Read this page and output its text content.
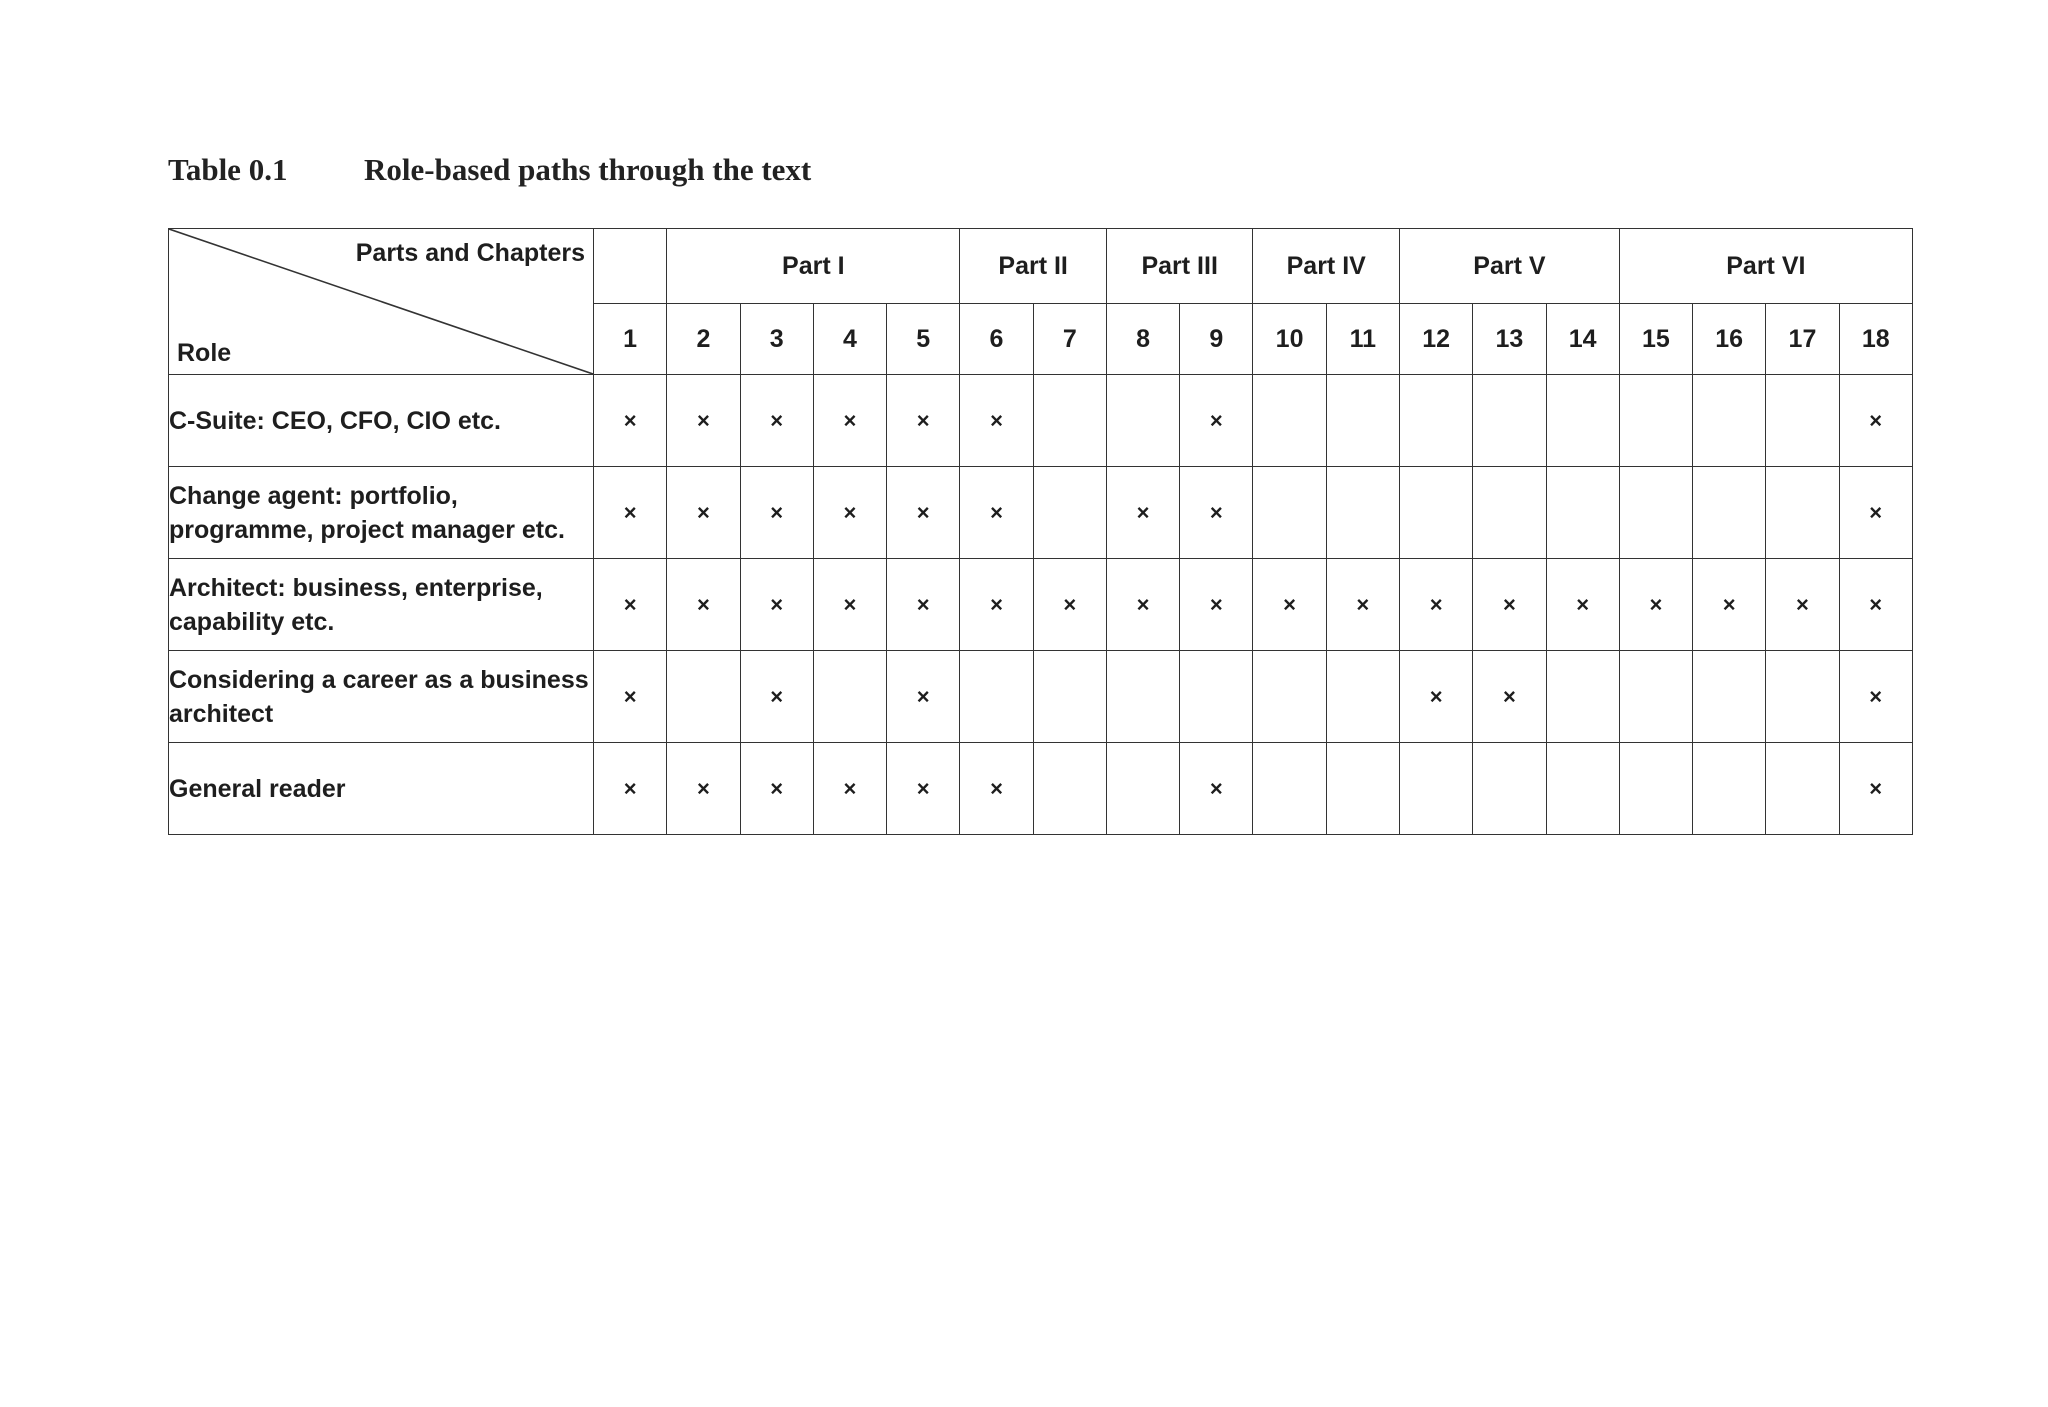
Table 0.1 Role-based paths through the text
Parts and Chapters
Role		Part I				Part II		Part III		Part IV		Part V			Part VI			
	1	2	3	4	5	6	7	8	9	10	11	12	13	14	15	16	17	18
C-Suite: CEO, CFO, CIO etc.	×	×	×	×	×	×			×									×
Change agent: portfolio, programme, project manager etc.	×	×	×	×	×	×		×	×									×
Architect: business, enterprise, capability etc.	×	×	×	×	×	×	×	×	×	×	×	×	×	×	×	×	×	×
Considering a career as a business architect	×		×		×							×	×					×
General reader	×	×	×	×	×	×			×									×
